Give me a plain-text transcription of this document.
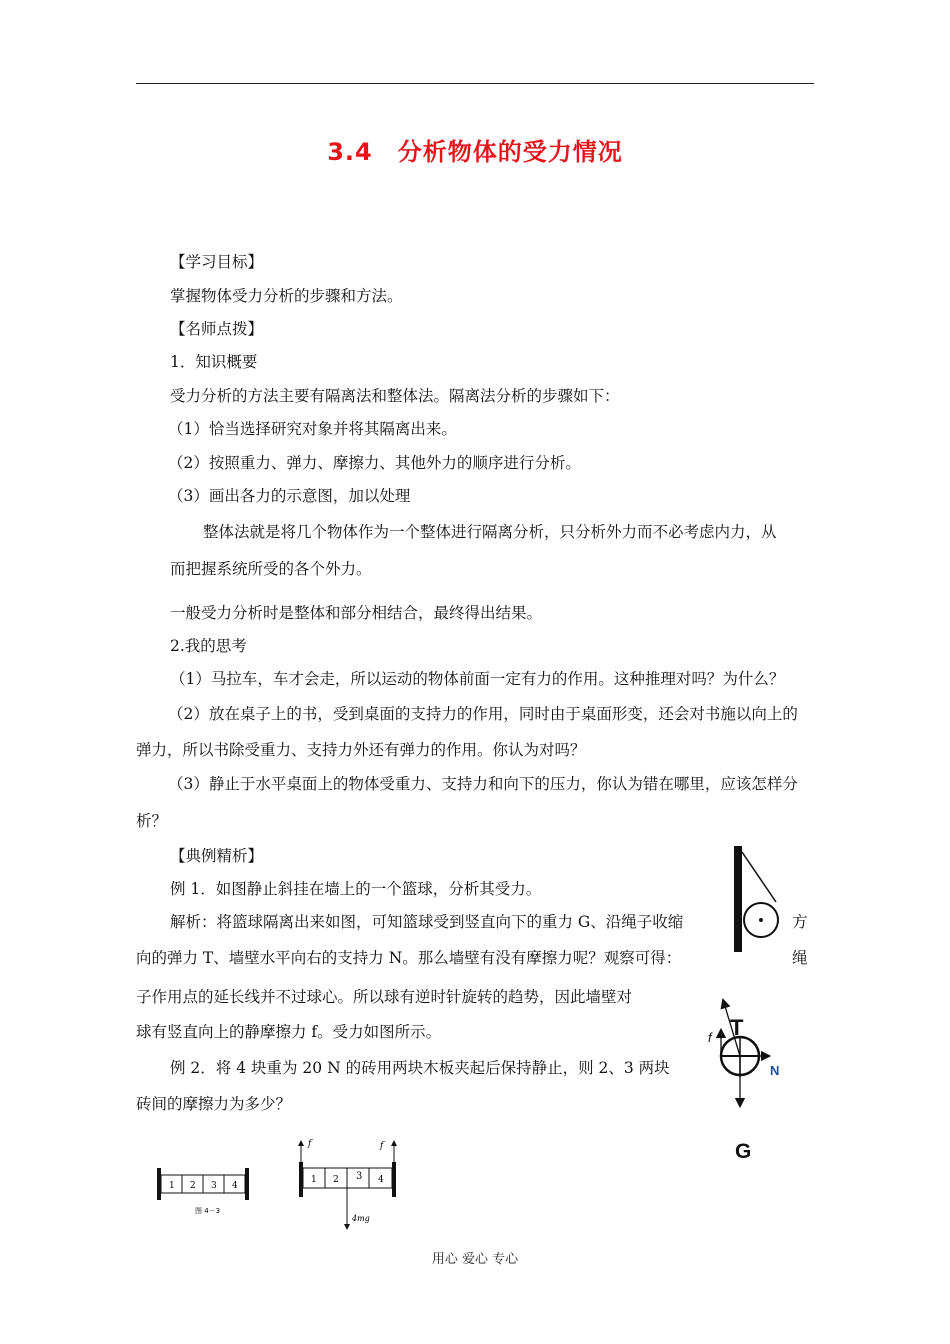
3.4　分析物体的受力情况
【学习目标】
掌握物体受力分析的步骤和方法。
【名师点拨】
1．知识概要
受力分析的方法主要有隔离法和整体法。隔离法分析的步骤如下：
（1）恰当选择研究对象并将其隔离出来。
（2）按照重力、弹力、摩擦力、其他外力的顺序进行分析。
（3）画出各力的示意图，加以处理
整体法就是将几个物体作为一个整体进行隔离分析，只分析外力而不必考虑内力，从
而把握系统所受的各个外力。
一般受力分析时是整体和部分相结合，最终得出结果。
2.我的思考
（1）马拉车，车才会走，所以运动的物体前面一定有力的作用。这种推理对吗？为什么？
（2）放在桌子上的书，受到桌面的支持力的作用，同时由于桌面形变，还会对书施以向上的
弹力，所以书除受重力、支持力外还有弹力的作用。你认为对吗？
（3）静止于水平桌面上的物体受重力、支持力和向下的压力，你认为错在哪里，应该怎样分
析？
【典例精析】
例 1．如图静止斜挂在墙上的一个篮球，分析其受力。
解析：将篮球隔离出来如图，可知篮球受到竖直向下的重力 G、沿绳子收缩	方
向的弹力 T、墙壁水平向右的支持力 N。那么墙壁有没有摩擦力呢？观察可得：	绳
子作用点的延长线并不过球心。所以球有逆时针旋转的趋势，因此墙壁对
球有竖直向上的静摩擦力 f。受力如图所示。
例 2．将 4 块重为 20 N 的砖用两块木板夹起后保持静止，则 2、3 两块
砖间的摩擦力为多少？
T
f
N
G
1 2 3 4
图 4－3
1 2 3 4
f	f
4mg
用心 爱心 专心
